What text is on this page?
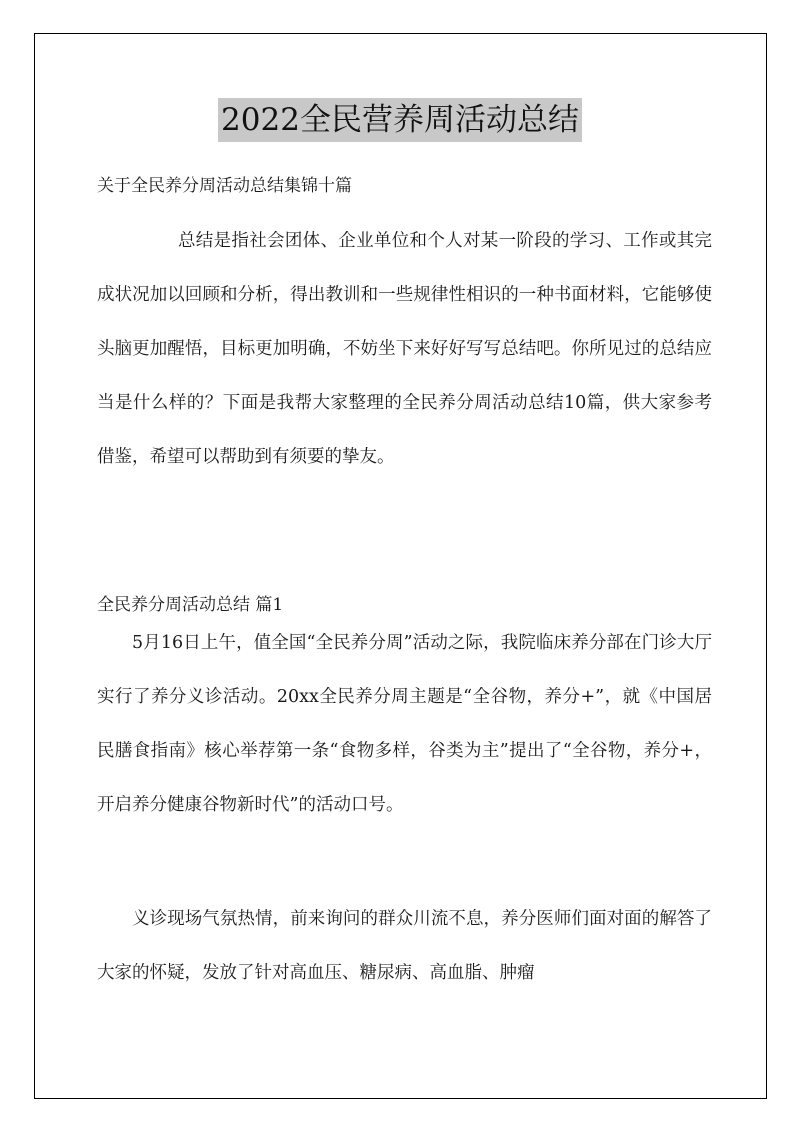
2022全民营养周活动总结
关于全民养分周活动总结集锦十篇

总结是指社会团体、企业单位和个人对某一阶段的学习、工作或其完成状况加以回顾和分析，得出教训和一些规律性相识的一种书面材料，它能够使头脑更加醒悟，目标更加明确，不妨坐下来好好写写总结吧。你所见过的总结应当是什么样的？下面是我帮大家整理的全民养分周活动总结10篇，供大家参考借鉴，希望可以帮助到有须要的挚友。

全民养分周活动总结 篇1

5月16日上午，值全国“全民养分周”活动之际，我院临床养分部在门诊大厅实行了养分义诊活动。20xx全民养分周主题是“全谷物，养分+”，就《中国居民膳食指南》核心举荐第一条“食物多样，谷类为主”提出了“全谷物，养分+，开启养分健康谷物新时代”的活动口号。

义诊现场气氛热情，前来询问的群众川流不息，养分医师们面对面的解答了大家的怀疑，发放了针对高血压、糖尿病、高血脂、肿瘤
